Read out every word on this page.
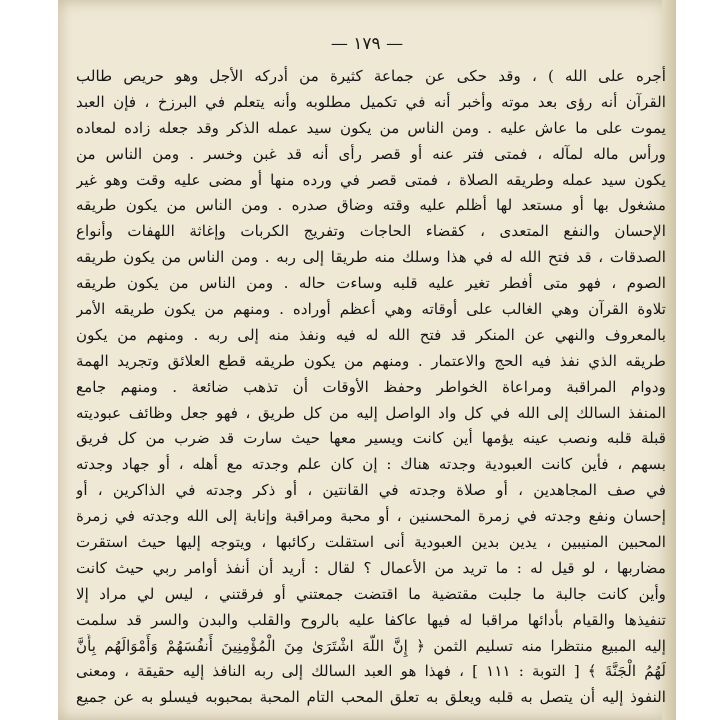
— ١٧٩ —
أجره على الله ) ، وقد حكى عن جماعة كثيرة من أدركه الأجل وهو حريص طالب
القرآن أنه رؤى بعد موته وأخبر أنه في تكميل مطلوبه وأنه يتعلم في البرزخ ، فإن العبد
يموت على ما عاش عليه . ومن الناس من يكون سيد عمله الذكر وقد جعله زاده لمعاده
ورأس ماله لمآله ، فمتى فتر عنه أو قصر رأى أنه قد غبن وخسر . ومن الناس من
يكون سيد عمله وطريقه الصلاة ، فمتى قصر في ورده منها أو مضى عليه وقت وهو غير
مشغول بها أو مستعد لها أظلم عليه وقته وضاق صدره . ومن الناس من يكون طريقه
الإحسان والنفع المتعدى ، كقضاء الحاجات وتفريج الكربات وإغاثة اللهفات وأنواع
الصدقات ، قد فتح الله له في هذا وسلك منه طريقا إلى ربه . ومن الناس من يكون طريقه
الصوم ، فهو متى أفطر تغير عليه قلبه وساءت حاله . ومن الناس من يكون طريقه
تلاوة القرآن وهي الغالب على أوقاته وهي أعظم أوراده . ومنهم من يكون طريقه الأمر
بالمعروف والنهي عن المنكر قد فتح الله له فيه ونفذ منه إلى ربه . ومنهم من يكون
طريقه الذي نفذ فيه الحج والاعتمار . ومنهم من يكون طريقه قطع العلائق وتجريد الهمة
ودوام المراقبة ومراعاة الخواطر وحفظ الأوقات أن تذهب ضائعة . ومنهم جامع
المنفذ السالك إلى الله في كل واد الواصل إليه من كل طريق ، فهو جعل وظائف عبوديته
قبلة قلبه ونصب عينه يؤمها أين كانت ويسير معها حيث سارت قد ضرب من كل فريق
بسهم ، فأين كانت العبودية وجدته هناك : إن كان علم وجدته مع أهله ، أو جهاد وجدته
في صف المجاهدين ، أو صلاة وجدته في القانتين ، أو ذكر وجدته في الذاكرين ، أو
إحسان ونفع وجدته في زمرة المحسنين ، أو محبة ومراقبة وإنابة إلى الله وجدته في زمرة
المحبين المنيبين ، يدين بدين العبودية أنى استقلت ركائبها ، ويتوجه إليها حيث استقرت
مضاربها ، لو قيل له : ما تريد من الأعمال ؟ لقال : أريد أن أنفذ أوامر ربي حيث كانت
وأين كانت جالبة ما جلبت مقتضية ما اقتضت جمعتني أو فرقتني ، ليس لي مراد إلا
تنفيذها والقيام بأدائها مراقبا له فيها عاكفا عليه بالروح والقلب والبدن والسر قد سلمت
إليه المبيع منتظرا منه تسليم الثمن ﴿ إِنَّ اللَّهَ اشْتَرَىٰ مِنَ الْمُؤْمِنِينَ أَنفُسَهُمْ وَأَمْوَالَهُم بِأَنَّ
لَهُمُ الْجَنَّةَ ﴾ [ التوبة : ١١١ ] ، فهذا هو العبد السالك إلى ربه النافذ إليه حقيقة ، ومعنى
النفوذ إليه أن يتصل به قلبه ويعلق به تعلق المحب التام المحبة بمحبوبه فيسلو به عن جميع
